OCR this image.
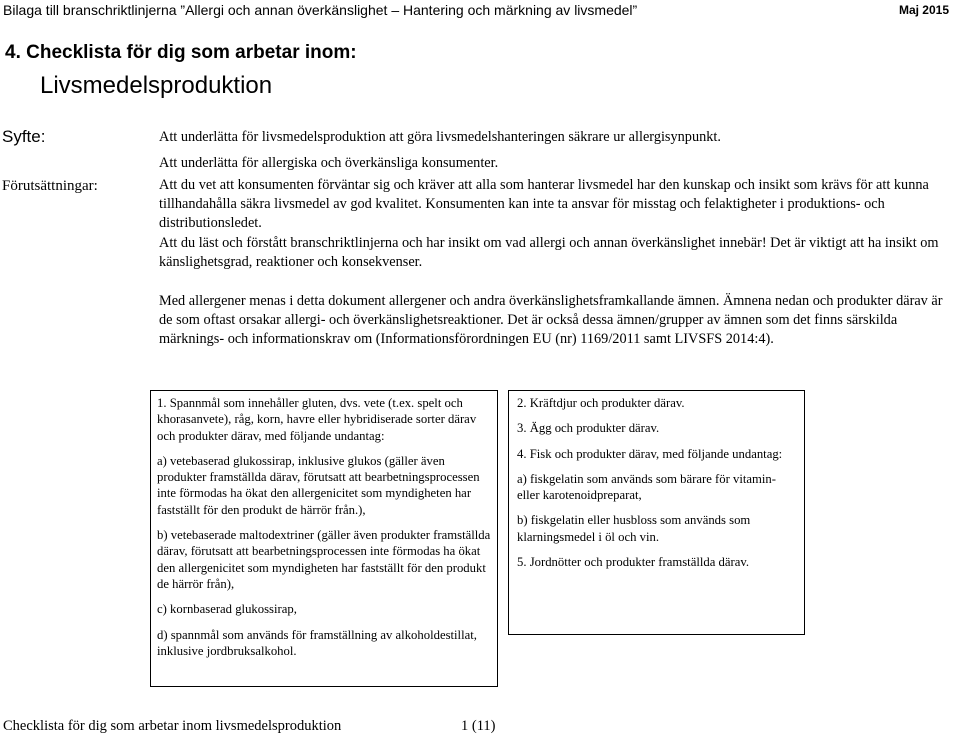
Bilaga till branschriktlinjerna ”Allergi och annan överkänslighet – Hantering och märkning av livsmedel”	Maj 2015
4. Checklista för dig som arbetar inom:
Livsmedelsproduktion
Syfte:
Förutsättningar:
Att underlätta för livsmedelsproduktion att göra livsmedelshanteringen säkrare ur allergisynpunkt.
Att underlätta för allergiska och överkänsliga konsumenter.
Att du vet att konsumenten förväntar sig och kräver att alla som hanterar livsmedel har den kunskap och insikt som krävs för att kunna tillhandahålla säkra livsmedel av god kvalitet. Konsumenten kan inte ta ansvar för misstag och felaktigheter i produktions- och distributionsledet.
Att du läst och förstått branschriktlinjerna och har insikt om vad allergi och annan överkänslighet innebär! Det är viktigt att ha insikt om känslighetsgrad, reaktioner och konsekvenser.
Med allergener menas i detta dokument allergener och andra överkänslighetsframkallande ämnen. Ämnena nedan och produkter därav är de som oftast orsakar allergi- och överkänslighetsreaktioner. Det är också dessa ämnen/grupper av ämnen som det finns särskilda märknings- och informationskrav om (Informationsförordningen EU (nr) 1169/2011 samt LIVSFS 2014:4).

1. Spannmål som innehåller gluten, dvs. vete (t.ex. spelt och khorasanvete), råg, korn, havre eller hybridiserade sorter därav och produkter därav, med följande undantag:

a) vetebaserad glukossirap, inklusive glukos (gäller även produkter framställda därav, förutsatt att bearbetningsprocessen inte förmodas ha ökat den allergenicitet som myndigheten har fastställt för den produkt de härrör från.),

b) vetebaserade maltodextriner (gäller även produkter framställda därav, förutsatt att bearbetningsprocessen inte förmodas ha ökat den allergenicitet som myndigheten har fastställt för den produkt de härrör från),

c) kornbaserad glukossirap,

d) spannmål som används för framställning av alkoholdestillat, inklusive jordbruksalkohol.

2. Kräftdjur och produkter därav.

3. Ägg och produkter därav.

4. Fisk och produkter därav, med följande undantag:

a) fiskgelatin som används som bärare för vitamin- eller karotenoidpreparat,

b) fiskgelatin eller husbloss som används som klarningsmedel i öl och vin.

5. Jordnötter och produkter framställda därav.

Checklista för dig som arbetar inom livsmedelsproduktion	1 (11)
